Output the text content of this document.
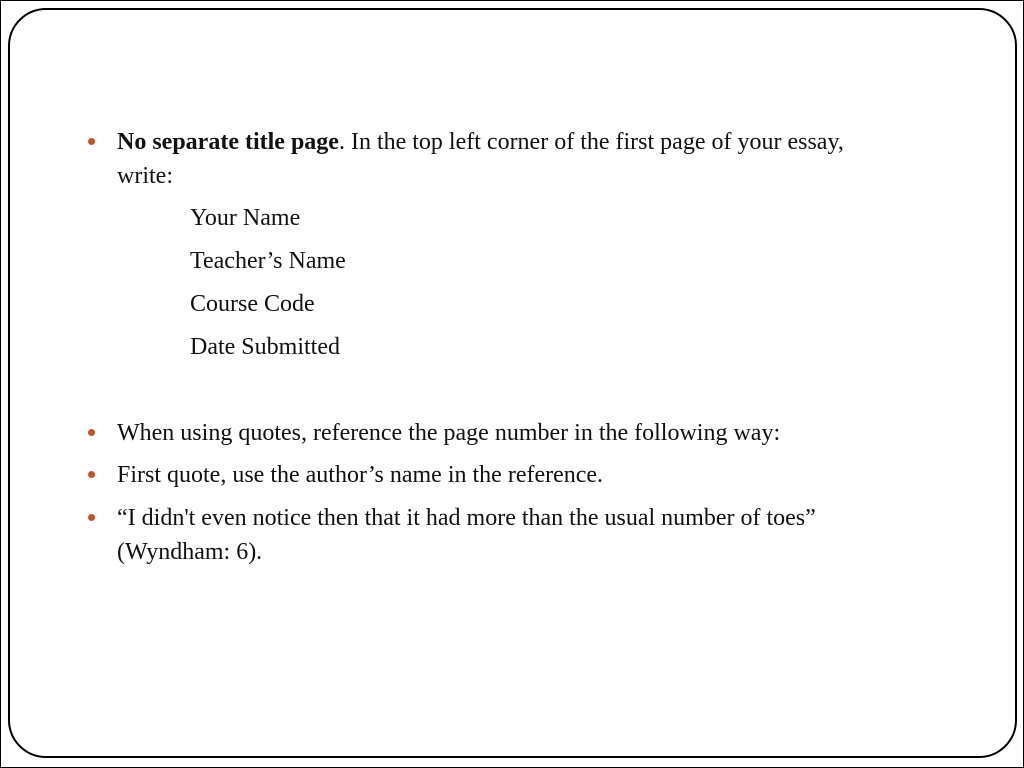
No separate title page. In the top left corner of the first page of your essay,
write:
Your Name
Teacher’s Name
Course Code
Date Submitted
When using quotes, reference the page number in the following way:
First quote, use the author’s name in the reference.
“I didn't even notice then that it had more than the usual number of toes”
(Wyndham: 6).
